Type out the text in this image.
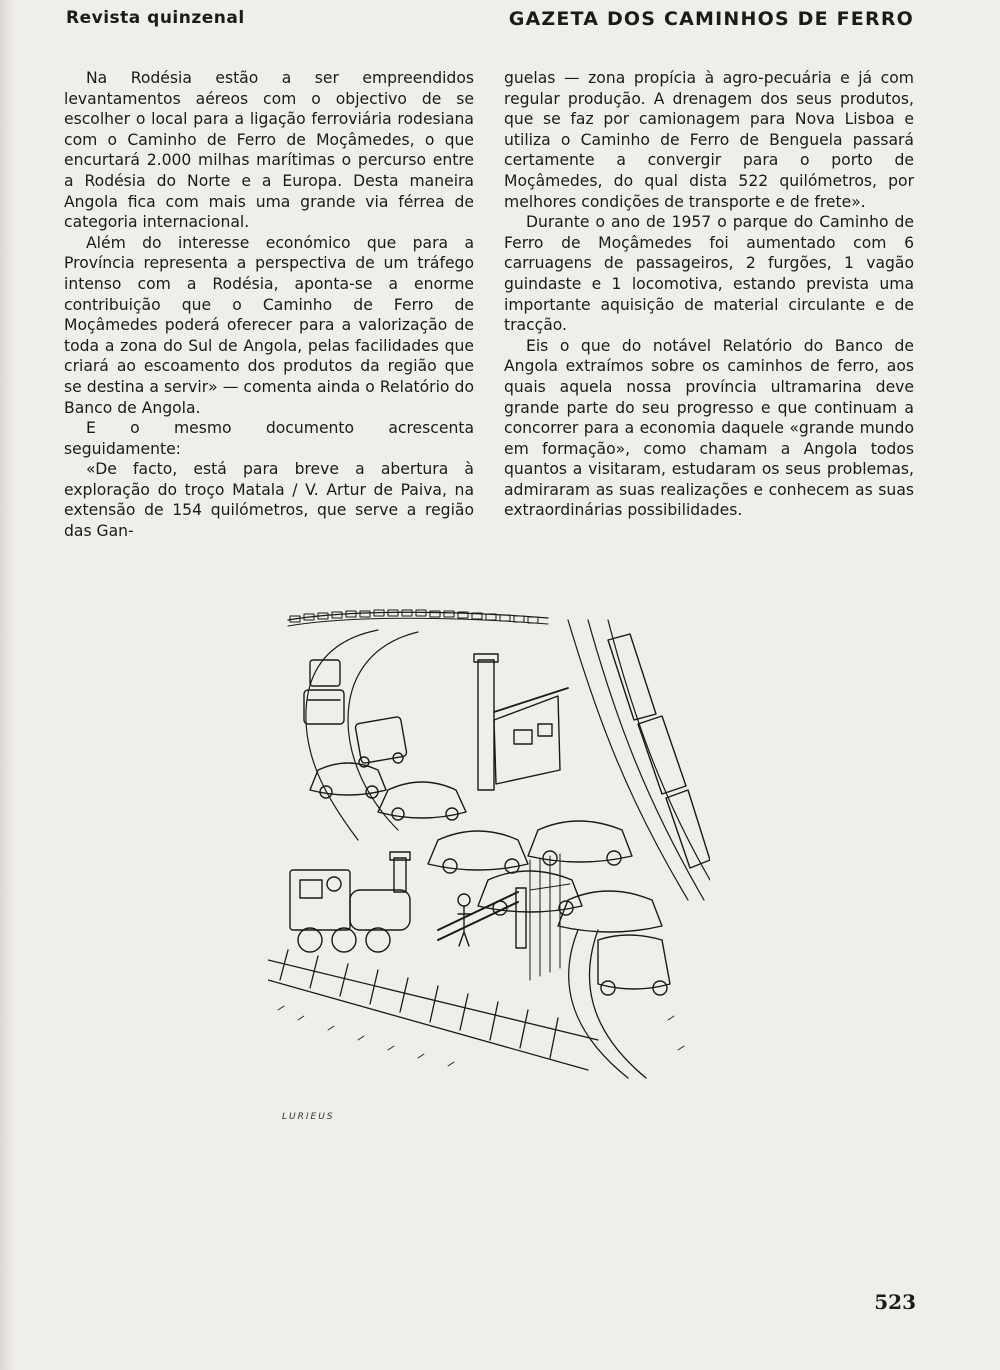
Revista quinzenal	GAZETA DOS CAMINHOS DE FERRO

Na Rodésia estão a ser empreendidos levantamentos aéreos com o objectivo de se escolher o local para a ligação ferroviária rodesiana com o Caminho de Ferro de Moçâmedes, o que encurtará 2.000 milhas marítimas o percurso entre a Rodésia do Norte e a Europa. Desta maneira Angola fica com mais uma grande via férrea de categoria internacional.

Além do interesse económico que para a Província representa a perspectiva de um tráfego intenso com a Rodésia, aponta-se a enorme contribuição que o Caminho de Ferro de Moçâmedes poderá oferecer para a valorização de toda a zona do Sul de Angola, pelas facilidades que criará ao escoamento dos produtos da região que se destina a servir» — comenta ainda o Relatório do Banco de Angola.

E o mesmo documento acrescenta seguidamente:

«De facto, está para breve a abertura à exploração do troço Matala / V. Artur de Paiva, na extensão de 154 quilómetros, que serve a região das Gan-

guelas — zona propícia à agro-pecuária e já com regular produção. A drenagem dos seus produtos, que se faz por camionagem para Nova Lisboa e utiliza o Caminho de Ferro de Benguela passará certamente a convergir para o porto de Moçâmedes, do qual dista 522 quilómetros, por melhores condições de transporte e de frete».

Durante o ano de 1957 o parque do Caminho de Ferro de Moçâmedes foi aumentado com 6 carruagens de passageiros, 2 furgões, 1 vagão guindaste e 1 locomotiva, estando prevista uma importante aquisição de material circulante e de tracção.

Eis o que do notável Relatório do Banco de Angola extraímos sobre os caminhos de ferro, aos quais aquela nossa província ultramarina deve grande parte do seu progresso e que continuam a concorrer para a economia daquele «grande mundo em formação», como chamam a Angola todos quantos a visitaram, estudaram os seus problemas, admiraram as suas realizações e conhecem as suas extraordinárias possibilidades.

LURIEUS
523
